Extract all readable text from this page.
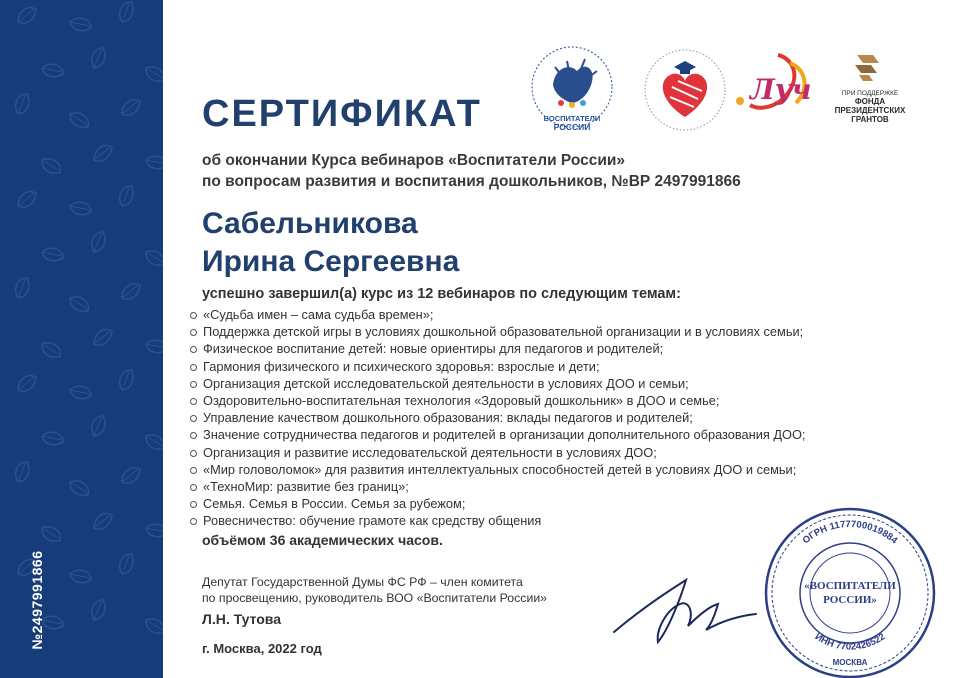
№2497991866
ВОСПИТАТЕЛИ
РОССИИ
Луч	ПРИ ПОДДЕРЖКЕ
ФОНДА
ПРЕЗИДЕНТСКИХ
ГРАНТОВ
СЕРТИФИКАТ
об окончании Курса вебинаров «Воспитатели России»
по вопросам развития и воспитания дошкольников, №ВР 2497991866
Сабельникова
Ирина Сергеевна
успешно завершил(а) курс из 12 вебинаров по следующим темам:
«Судьба имен – сама судьба времен»;
Поддержка детской игры в условиях дошкольной образовательной организации и в условиях семьи;
Физическое воспитание детей: новые ориентиры для педагогов и родителей;
Гармония физического и психического здоровья: взрослые и дети;
Организация детской исследовательской деятельности в условиях ДОО и семьи;
Оздоровительно-воспитательная технология «Здоровый дошкольник» в ДОО и семье;
Управление качеством дошкольного образования: вклады педагогов и родителей;
Значение сотрудничества педагогов и родителей в организации дополнительного образования ДОО;
Организация и развитие исследовательской деятельности в условиях ДОО;
«Мир головоломок» для развития интеллектуальных способностей детей в условиях ДОО и семьи;
«ТехноМир: развитие без границ»;
Семья. Семья в России. Семья за рубежом;
Ровесничество: обучение грамоте как средству общения
объёмом 36 академических часов.
Депутат Государственной Думы ФС РФ – член комитета
по просвещению, руководитель ВОО «Воспитатели России»
Л.Н. Тутова
г. Москва, 2022 год
ОГРН 1177700019884
ИНН 7702426522
«ВОСПИТАТЕЛИ
РОССИИ»
МОСКВА
